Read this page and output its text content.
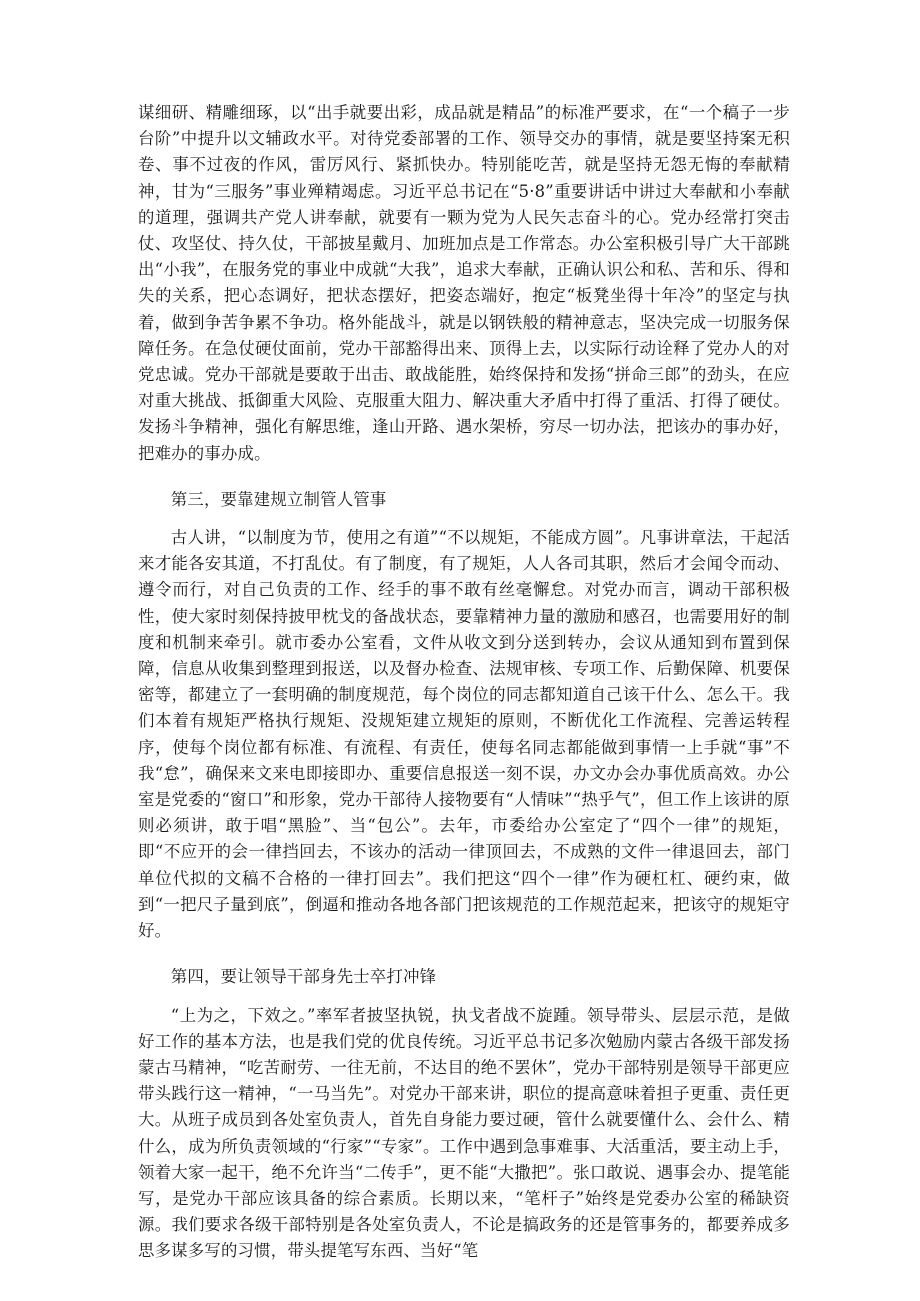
谋细研、精雕细琢，以“出手就要出彩，成品就是精品”的标准严要求，在“一个稿子一步台阶”中提升以文辅政水平。对待党委部署的工作、领导交办的事情，就是要坚持案无积卷、事不过夜的作风，雷厉风行、紧抓快办。特别能吃苦，就是坚持无怨无悔的奉献精神，甘为“三服务”事业殚精竭虑。习近平总书记在“5·8”重要讲话中讲过大奉献和小奉献的道理，强调共产党人讲奉献，就要有一颗为党为人民矢志奋斗的心。党办经常打突击仗、攻坚仗、持久仗，干部披星戴月、加班加点是工作常态。办公室积极引导广大干部跳出“小我”，在服务党的事业中成就“大我”，追求大奉献，正确认识公和私、苦和乐、得和失的关系，把心态调好，把状态摆好，把姿态端好，抱定“板凳坐得十年冷”的坚定与执着，做到争苦争累不争功。格外能战斗，就是以钢铁般的精神意志，坚决完成一切服务保障任务。在急仗硬仗面前，党办干部豁得出来、顶得上去，以实际行动诠释了党办人的对党忠诚。党办干部就是要敢于出击、敢战能胜，始终保持和发扬“拼命三郎”的劲头，在应对重大挑战、抵御重大风险、克服重大阻力、解决重大矛盾中打得了重活、打得了硬仗。发扬斗争精神，强化有解思维，逢山开路、遇水架桥，穷尽一切办法，把该办的事办好，把难办的事办成。

第三，要靠建规立制管人管事

古人讲，“以制度为节，使用之有道”“不以规矩，不能成方圆”。凡事讲章法，干起活来才能各安其道，不打乱仗。有了制度，有了规矩，人人各司其职，然后才会闻令而动、遵令而行，对自己负责的工作、经手的事不敢有丝毫懈怠。对党办而言，调动干部积极性，使大家时刻保持披甲枕戈的备战状态，要靠精神力量的激励和感召，也需要用好的制度和机制来牵引。就市委办公室看，文件从收文到分送到转办，会议从通知到布置到保障，信息从收集到整理到报送，以及督办检查、法规审核、专项工作、后勤保障、机要保密等，都建立了一套明确的制度规范，每个岗位的同志都知道自己该干什么、怎么干。我们本着有规矩严格执行规矩、没规矩建立规矩的原则，不断优化工作流程、完善运转程序，使每个岗位都有标准、有流程、有责任，使每名同志都能做到事情一上手就“事”不我“怠”，确保来文来电即接即办、重要信息报送一刻不误，办文办会办事优质高效。办公室是党委的“窗口”和形象，党办干部待人接物要有“人情味”“热乎气”，但工作上该讲的原则必须讲，敢于唱“黑脸”、当“包公”。去年，市委给办公室定了“四个一律”的规矩，即“不应开的会一律挡回去，不该办的活动一律顶回去，不成熟的文件一律退回去，部门单位代拟的文稿不合格的一律打回去”。我们把这“四个一律”作为硬杠杠、硬约束，做到“一把尺子量到底”，倒逼和推动各地各部门把该规范的工作规范起来，把该守的规矩守好。

第四，要让领导干部身先士卒打冲锋

“上为之，下效之。”率军者披坚执锐，执戈者战不旋踵。领导带头、层层示范，是做好工作的基本方法，也是我们党的优良传统。习近平总书记多次勉励内蒙古各级干部发扬蒙古马精神，“吃苦耐劳、一往无前，不达目的绝不罢休”，党办干部特别是领导干部更应带头践行这一精神，“一马当先”。对党办干部来讲，职位的提高意味着担子更重、责任更大。从班子成员到各处室负责人，首先自身能力要过硬，管什么就要懂什么、会什么、精什么，成为所负责领域的“行家”“专家”。工作中遇到急事难事、大活重活，要主动上手，领着大家一起干，绝不允许当“二传手”，更不能“大撒把”。张口敢说、遇事会办、提笔能写，是党办干部应该具备的综合素质。长期以来，“笔杆子”始终是党委办公室的稀缺资源。我们要求各级干部特别是各处室负责人，不论是搞政务的还是管事务的，都要养成多思多谋多写的习惯，带头提笔写东西、当好“笔
